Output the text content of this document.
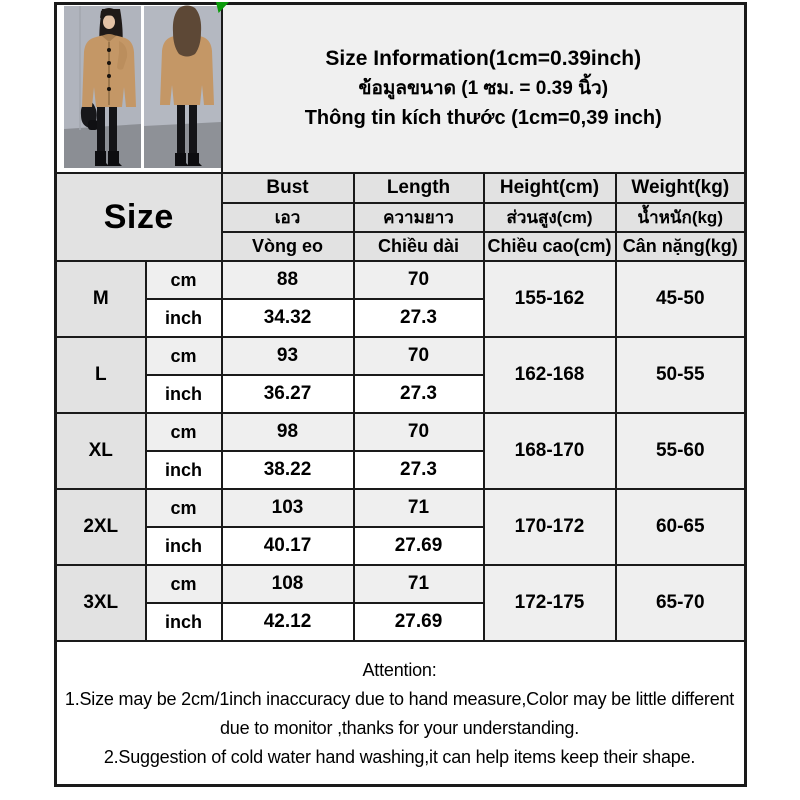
Size Information(1cm=0.39inch)
ข้อมูลขนาด (1 ซม. = 0.39 นิ้ว)
Thông tin kích thước (1cm=0,39 inch)			

Size		Bust	Length	Height(cm)	Weight(kg)
		เอว	ความยาว	ส่วนสูง(cm)	น้ำหนัก(kg)
		Vòng eo	Chiều dài	Chiều cao(cm)	Cân nặng(kg)
M	cm	88	70	155-162	45-50
	inch	34.32	27.3		
L	cm	93	70	162-168	50-55
	inch	36.27	27.3		
XL	cm	98	70	168-170	55-60
	inch	38.22	27.3		
2XL	cm	103	71	170-172	60-65
	inch	40.17	27.69		
3XL	cm	108	71	172-175	65-70
	inch	42.12	27.69		

Attention:
1.Size may be 2cm/1inch inaccuracy due to hand measure,Color may be little different due to monitor ,thanks for your understanding.
2.Suggestion of cold water hand washing,it can help items keep their shape.					
